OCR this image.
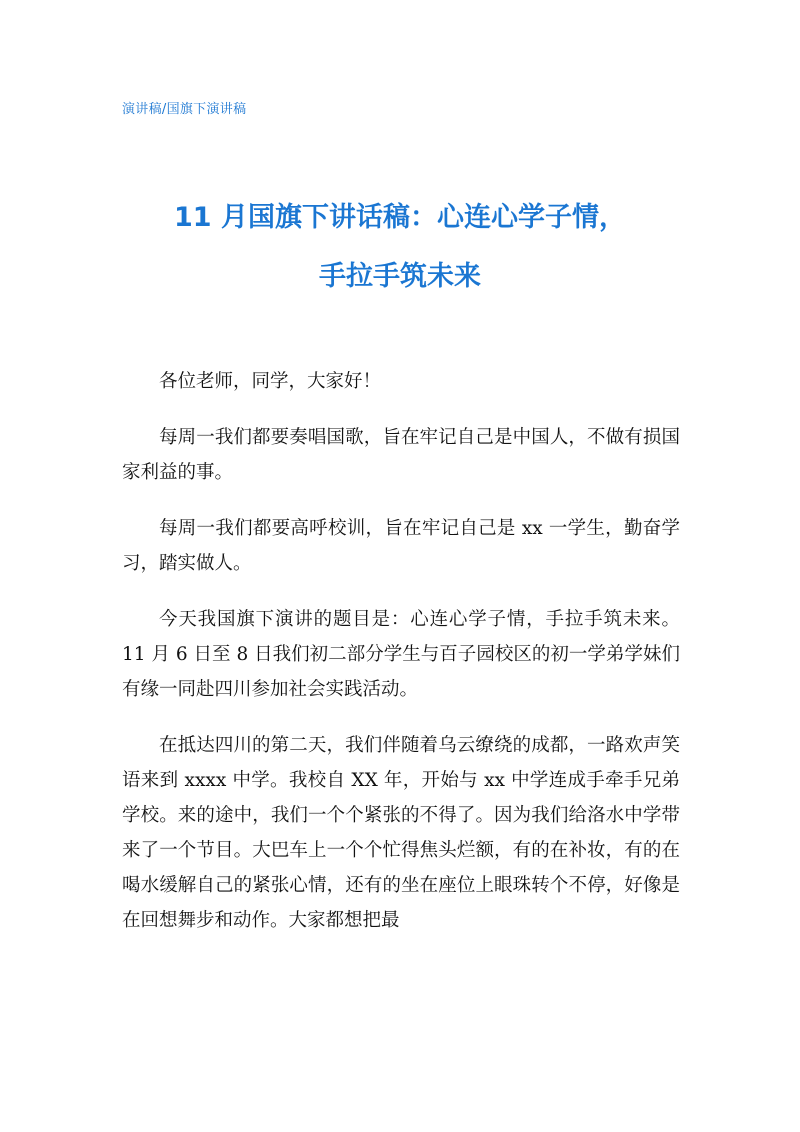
演讲稿/国旗下演讲稿
11 月国旗下讲话稿：心连心学子情，
手拉手筑未来

各位老师，同学，大家好！

每周一我们都要奏唱国歌，旨在牢记自己是中国人，不做有损国家利益的事。

每周一我们都要高呼校训，旨在牢记自己是 xx 一学生，勤奋学习，踏实做人。

今天我国旗下演讲的题目是：心连心学子情，手拉手筑未来。11 月 6 日至 8 日我们初二部分学生与百子园校区的初一学弟学妹们有缘一同赴四川参加社会实践活动。

在抵达四川的第二天，我们伴随着乌云缭绕的成都，一路欢声笑语来到 xxxx 中学。我校自 XX 年，开始与 xx 中学连成手牵手兄弟学校。来的途中，我们一个个紧张的不得了。因为我们给洛水中学带来了一个节目。大巴车上一个个忙得焦头烂额，有的在补妆，有的在喝水缓解自己的紧张心情，还有的坐在座位上眼珠转个不停，好像是在回想舞步和动作。大家都想把最
